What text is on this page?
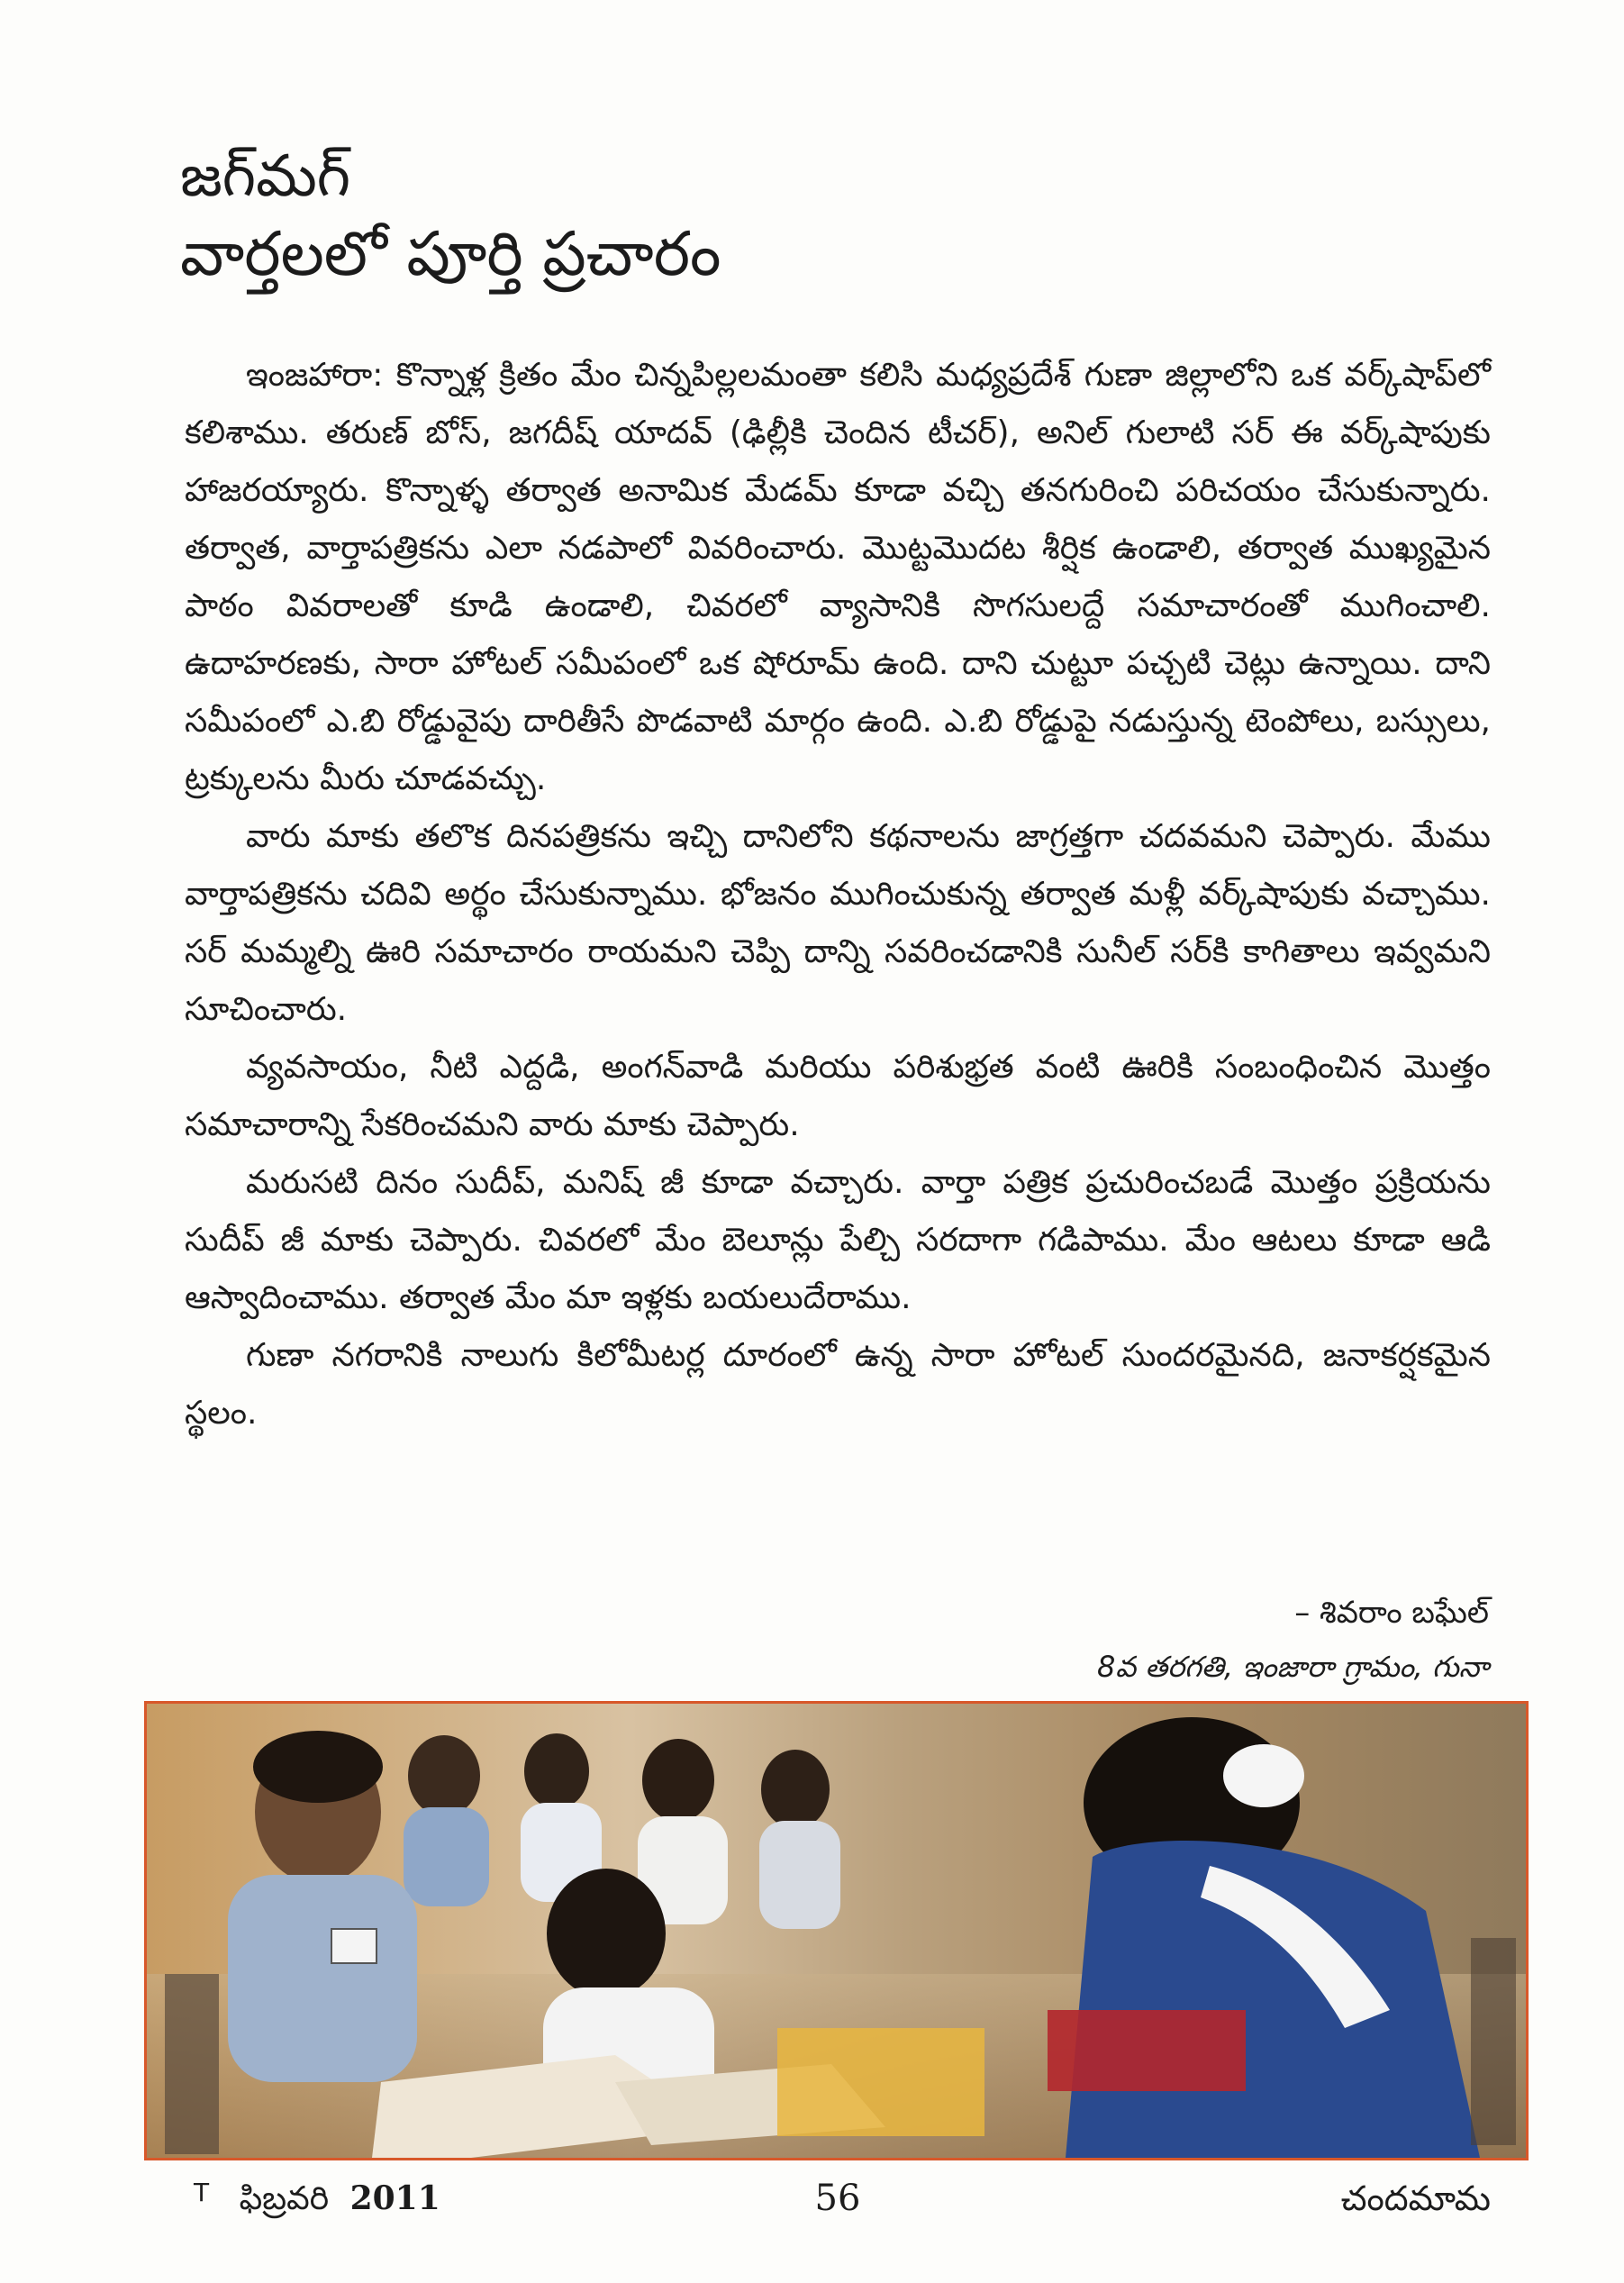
జగ్‌మగ్
వార్తలలో పూర్తి ప్రచారం

ఇంజహారా: కొన్నాళ్ల క్రితం మేం చిన్నపిల్లలమంతా కలిసి మధ్యప్రదేశ్ గుణా జిల్లాలోని ఒక వర్క్‌షాప్‌లో కలిశాము. తరుణ్ బోస్, జగదీష్ యాదవ్ (ఢిల్లీకి చెందిన టీచర్), అనిల్ గులాటి సర్ ఈ వర్క్‌షాపుకు హాజరయ్యారు. కొన్నాళ్ళ తర్వాత అనామిక మేడమ్ కూడా వచ్చి తనగురించి పరిచయం చేసుకున్నారు. తర్వాత, వార్తాపత్రికను ఎలా నడపాలో వివరించారు. మొట్టమొదట శీర్షిక ఉండాలి, తర్వాత ముఖ్యమైన పాఠం వివరాలతో కూడి ఉండాలి, చివరలో వ్యాసానికి సొగసులద్దే సమాచారంతో ముగించాలి. ఉదాహరణకు, సారా హోటల్ సమీపంలో ఒక షోరూమ్ ఉంది. దాని చుట్టూ పచ్చటి చెట్లు ఉన్నాయి. దాని సమీపంలో ఎ.బి రోడ్డువైపు దారితీసే పొడవాటి మార్గం ఉంది. ఎ.బి రోడ్డుపై నడుస్తున్న టెంపోలు, బస్సులు, ట్రక్కులను మీరు చూడవచ్చు.

వారు మాకు తలొక దినపత్రికను ఇచ్చి దానిలోని కథనాలను జాగ్రత్తగా చదవమని చెప్పారు. మేము వార్తాపత్రికను చదివి అర్థం చేసుకున్నాము. భోజనం ముగించుకున్న తర్వాత మళ్లీ వర్క్‌షాపుకు వచ్చాము. సర్ మమ్మల్ని ఊరి సమాచారం రాయమని చెప్పి దాన్ని సవరించడానికి సునీల్ సర్‌కి కాగితాలు ఇవ్వమని సూచించారు.

వ్యవసాయం, నీటి ఎద్దడి, అంగన్‌వాడి మరియు పరిశుభ్రత వంటి ఊరికి సంబంధించిన మొత్తం సమాచారాన్ని సేకరించమని వారు మాకు చెప్పారు.

మరుసటి దినం సుదీప్, మనిష్ జీ కూడా వచ్చారు. వార్తా పత్రిక ప్రచురించబడే మొత్తం ప్రక్రియను సుదీప్ జీ మాకు చెప్పారు. చివరలో మేం బెలూన్లు పేల్చి సరదాగా గడిపాము. మేం ఆటలు కూడా ఆడి ఆస్వాదించాము. తర్వాత మేం మా ఇళ్లకు బయలుదేరాము.

గుణా నగరానికి నాలుగు కిలోమీటర్ల దూరంలో ఉన్న సారా హోటల్ సుందరమైనది, జనాకర్షకమైన స్థలం.

– శివరాం బఘేల్
8వ తరగతి, ఇంజారా గ్రామం, గునా
$^T$ ఫిబ్రవరి 2011	56	చందమామ
